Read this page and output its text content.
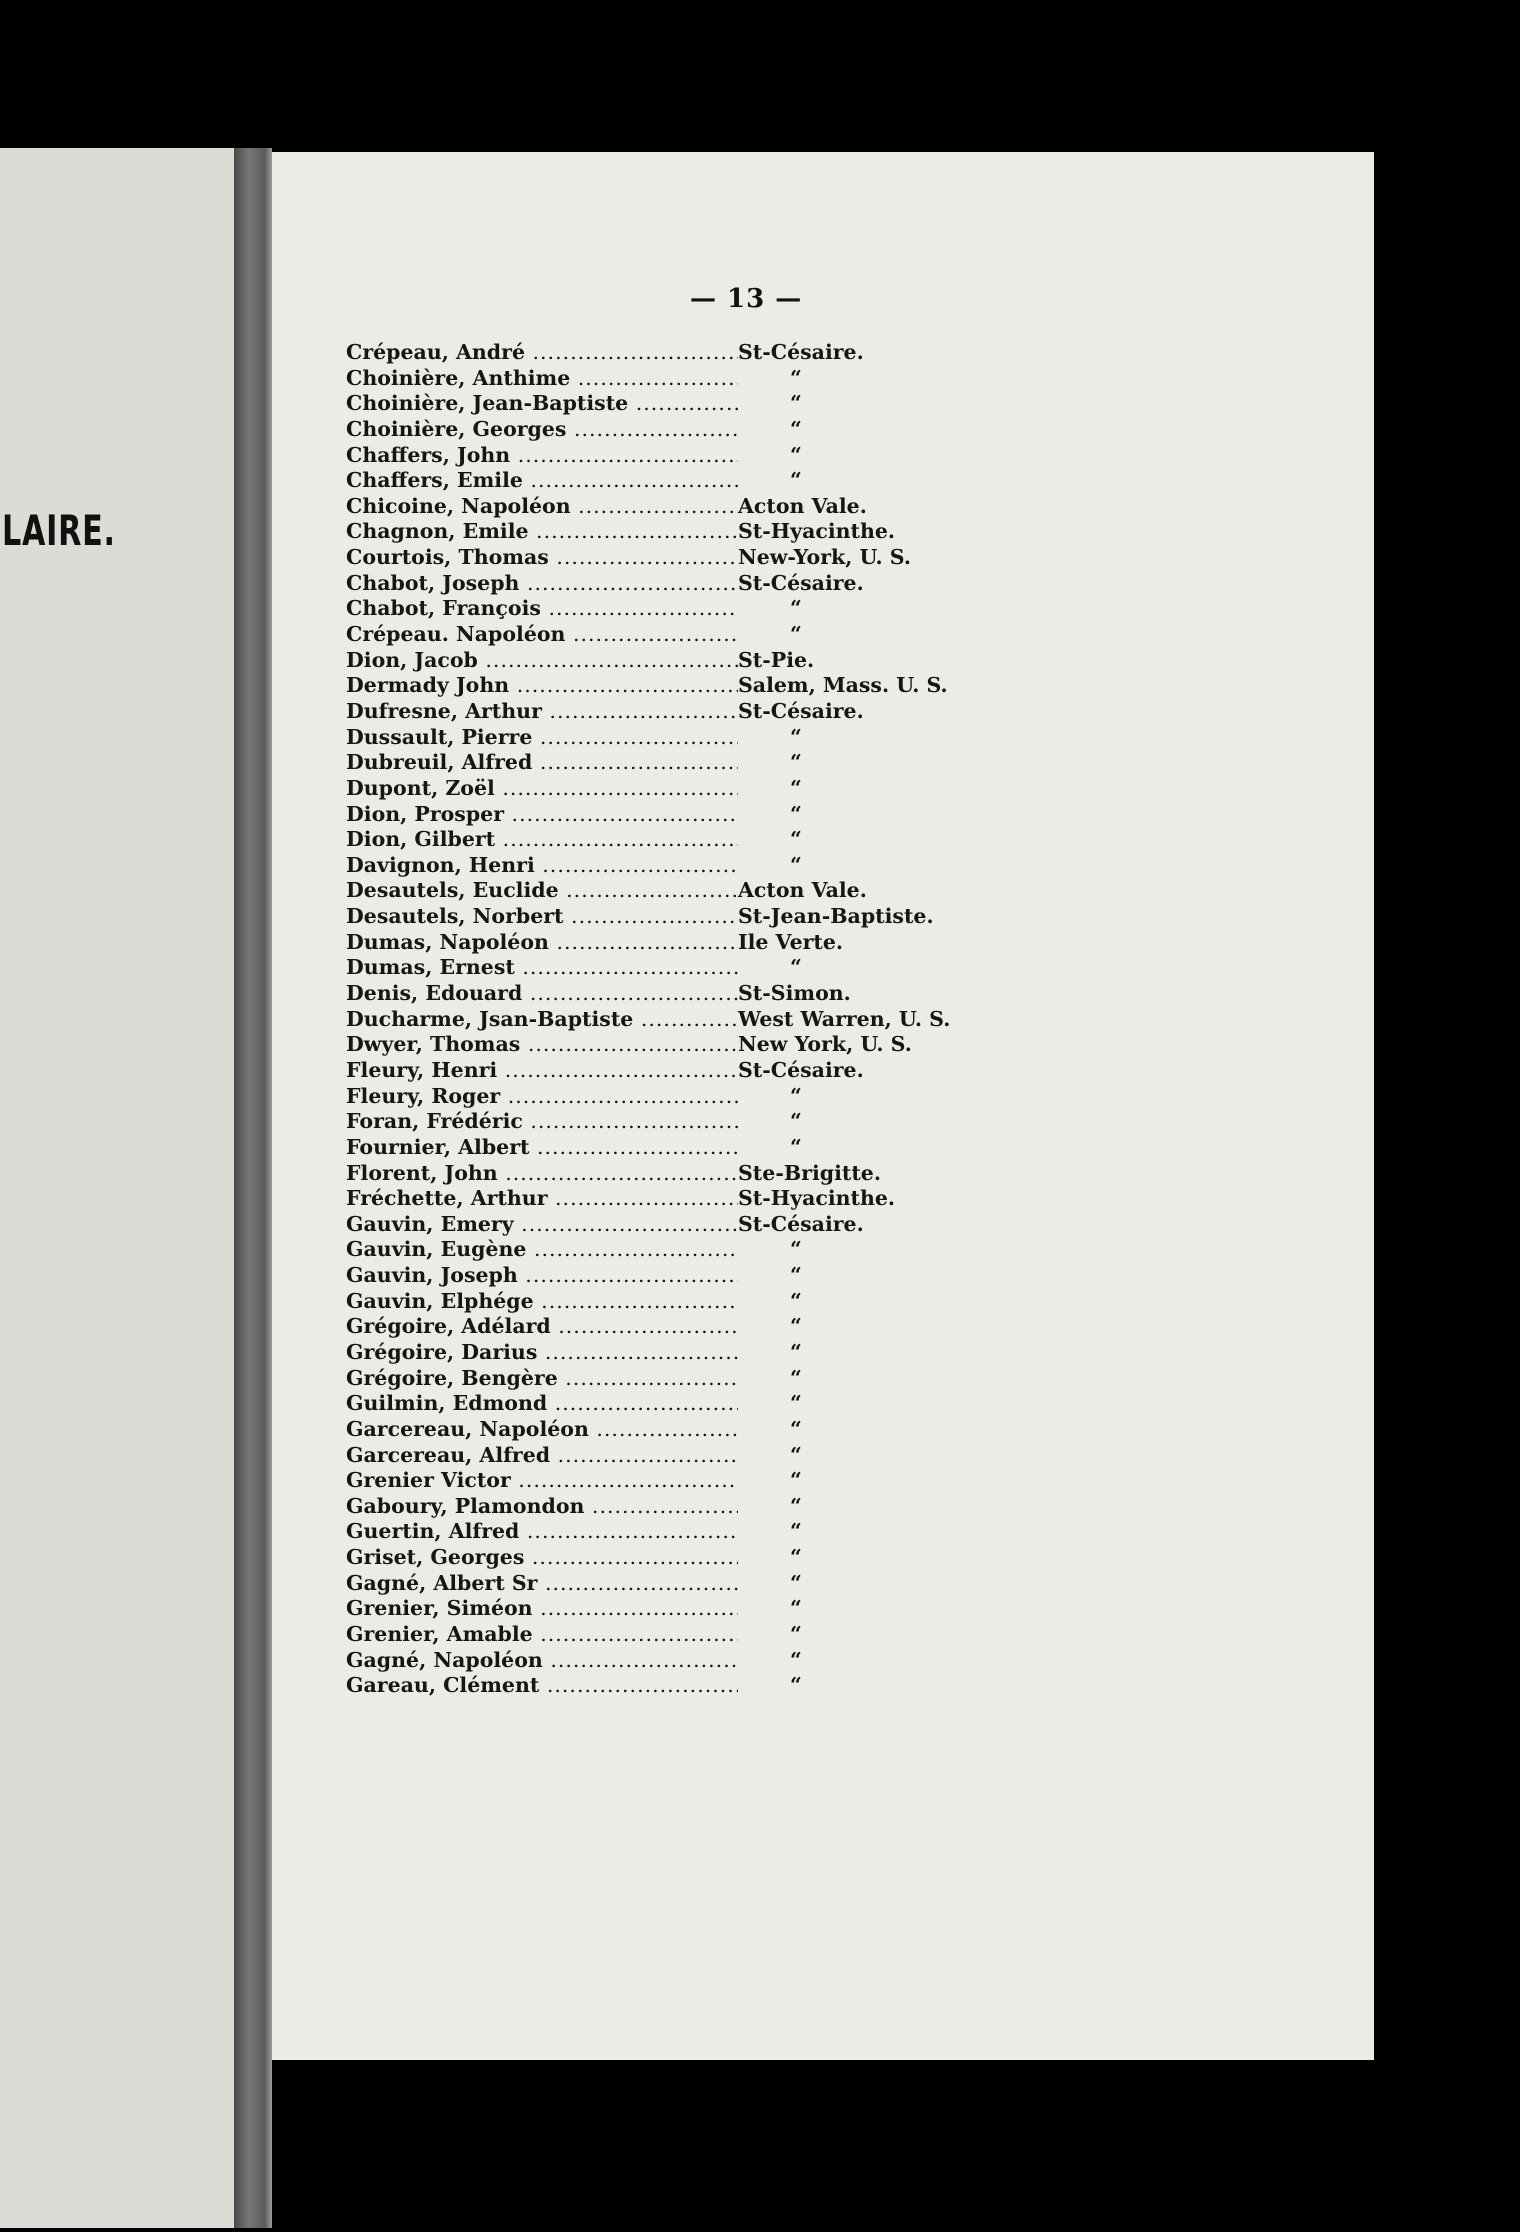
LAIRE.
— 13 —
Crépeau, André .....	St-Césaire.
Choinière, Anthime .....	“
Choinière, Jean-Baptiste .....	“
Choinière, Georges .....	“
Chaffers, John .....	“
Chaffers, Emile .....	“
Chicoine, Napoléon .....	Acton Vale.
Chagnon, Emile .....	St-Hyacinthe.
Courtois, Thomas .....	New-York, U. S.
Chabot, Joseph .....	St-Césaire.
Chabot, François .....	“
Crépeau. Napoléon .....	“
Dion, Jacob .....	St-Pie.
Dermady John .....	Salem, Mass. U. S.
Dufresne, Arthur .....	St-Césaire.
Dussault, Pierre .....	“
Dubreuil, Alfred .....	“
Dupont, Zoël .....	“
Dion, Prosper .....	“
Dion, Gilbert .....	“
Davignon, Henri .....	“
Desautels, Euclide .....	Acton Vale.
Desautels, Norbert .....	St-Jean-Baptiste.
Dumas, Napoléon .....	Ile Verte.
Dumas, Ernest .....	“
Denis, Edouard .....	St-Simon.
Ducharme, Jsan-Baptiste .....	West Warren, U. S.
Dwyer, Thomas .....	New York, U. S.
Fleury, Henri .....	St-Césaire.
Fleury, Roger .....	“
Foran, Frédéric .....	“
Fournier, Albert .....	“
Florent, John .....	Ste-Brigitte.
Fréchette, Arthur .....	St-Hyacinthe.
Gauvin, Emery .....	St-Césaire.
Gauvin, Eugène .....	“
Gauvin, Joseph .....	“
Gauvin, Elphége .....	“
Grégoire, Adélard .....	“
Grégoire, Darius .....	“
Grégoire, Bengère .....	“
Guilmin, Edmond .....	“
Garcereau, Napoléon .....	“
Garcereau, Alfred .....	“
Grenier Victor .....	“
Gaboury, Plamondon .....	“
Guertin, Alfred .....	“
Griset, Georges .....	“
Gagné, Albert Sr .....	“
Grenier, Siméon .....	“
Grenier, Amable .....	“
Gagné, Napoléon .....	“
Gareau, Clément .....	“
